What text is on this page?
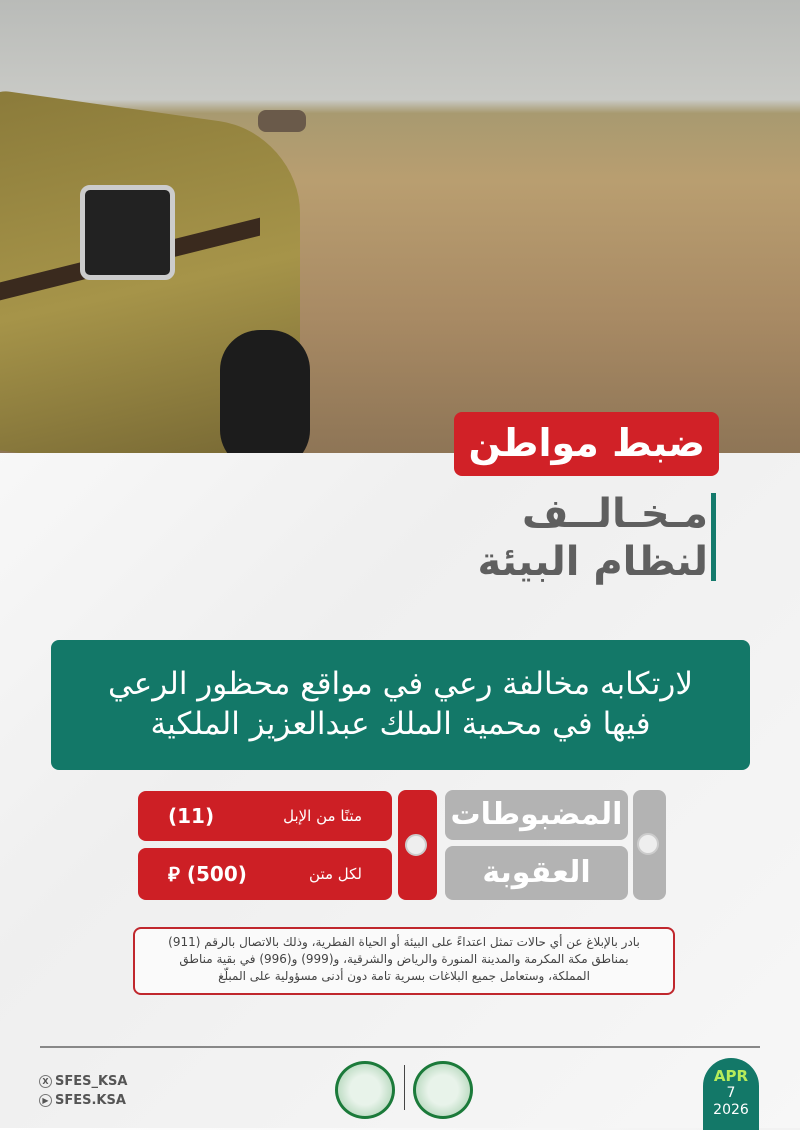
ضبط مواطن
مـخـالــف
لنظام البيئة
لارتكابه مخالفة رعي في مواقع محظور الرعي
فيها في محمية الملك عبدالعزيز الملكية
المضبوطات
العقوبة
متنًا من الإبل
(11)
لكل متن
(500) ⃁
بادر بالإبلاغ عن أي حالات تمثل اعتداءً على البيئة أو الحياة الفطرية، وذلك بالاتصال بالرقم (911)
بمناطق مكة المكرمة والمدينة المنورة والرياض والشرقية، و(999) و(996) في بقية مناطق
المملكة، وستعامل جميع البلاغات بسرية تامة دون أدنى مسؤولية على المبلّغ
X SFES_KSA
▶ SFES.KSA
APR
7
2026
